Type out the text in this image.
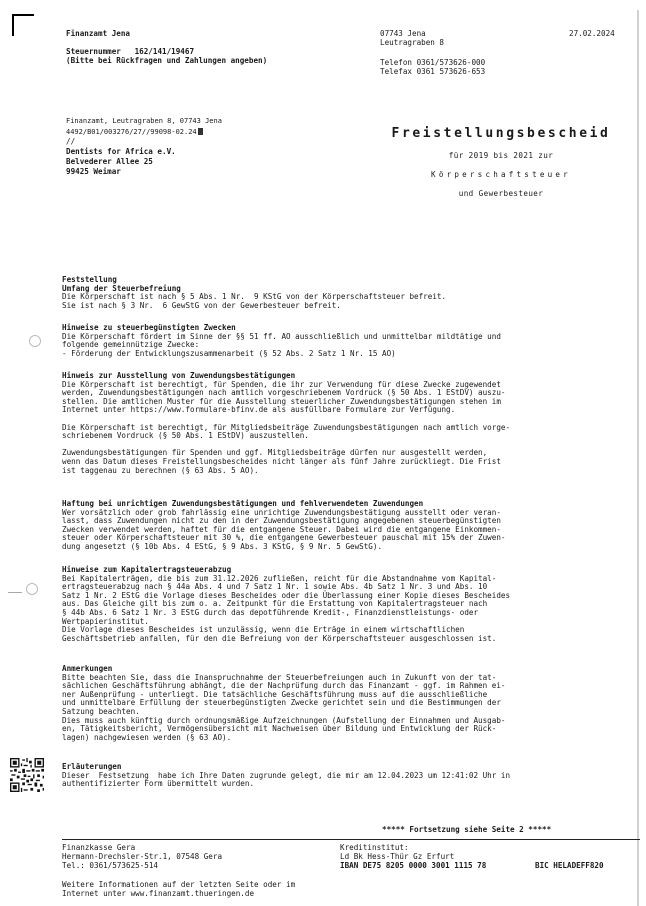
Finanzamt Jena
Steuernummer 162/141/19467
(Bitte bei Rückfragen und Zahlungen angeben)
07743 Jena
Leutragraben 8
27.02.2024
Telefon 0361/573626-000
Telefax 0361 573626-653
Finanzamt, Leutragraben 8, 07743 Jena
4492/B01/003276/27//99098-02.24
//
Dentists for Africa e.V.
Belvederer Allee 25
99425 Weimar
Freistellungsbescheid
für 2019 bis 2021 zur
Körperschaftsteuer
und Gewerbesteuer
Feststellung
Umfang der Steuerbefreiung
Die Körperschaft ist nach § 5 Abs. 1 Nr.  9 KStG von der Körperschaftsteuer befreit.
Sie ist nach § 3 Nr.  6 GewStG von der Gewerbesteuer befreit.
Hinweise zu steuerbegünstigten Zwecken
Die Körperschaft fördert im Sinne der §§ 51 ff. AO ausschließlich und unmittelbar mildtätige und
folgende gemeinnützige Zwecke:
- Förderung der Entwicklungszusammenarbeit (§ 52 Abs. 2 Satz 1 Nr. 15 AO)
Hinweis zur Ausstellung von Zuwendungsbestätigungen
Die Körperschaft ist berechtigt, für Spenden, die ihr zur Verwendung für diese Zwecke zugewendet
werden, Zuwendungsbestätigungen nach amtlich vorgeschriebenem Vordruck (§ 50 Abs. 1 EStDV) auszu-
stellen. Die amtlichen Muster für die Ausstellung steuerlicher Zuwendungsbestätigungen stehen im
Internet unter https://www.formulare-bfinv.de als ausfüllbare Formulare zur Verfügung.

Die Körperschaft ist berechtigt, für Mitgliedsbeiträge Zuwendungsbestätigungen nach amtlich vorge-
schriebenem Vordruck (§ 50 Abs. 1 EStDV) auszustellen.

Zuwendungsbestätigungen für Spenden und ggf. Mitgliedsbeiträge dürfen nur ausgestellt werden,
wenn das Datum dieses Freistellungsbescheides nicht länger als fünf Jahre zurückliegt. Die Frist
ist taggenau zu berechnen (§ 63 Abs. 5 AO).
Haftung bei unrichtigen Zuwendungsbestätigungen und fehlverwendeten Zuwendungen
Wer vorsätzlich oder grob fahrlässig eine unrichtige Zuwendungsbestätigung ausstellt oder veran-
lasst, dass Zuwendungen nicht zu den in der Zuwendungsbestätigung angegebenen steuerbegünstigten
Zwecken verwendet werden, haftet für die entgangene Steuer. Dabei wird die entgangene Einkommen-
steuer oder Körperschaftsteuer mit 30 %, die entgangene Gewerbesteuer pauschal mit 15% der Zuwen-
dung angesetzt (§ 10b Abs. 4 EStG, § 9 Abs. 3 KStG, § 9 Nr. 5 GewStG).
Hinweise zum Kapitalertragsteuerabzug
Bei Kapitalerträgen, die bis zum 31.12.2026 zufließen, reicht für die Abstandnahme vom Kapital-
ertragsteuerabzug nach § 44a Abs. 4 und 7 Satz 1 Nr. 1 sowie Abs. 4b Satz 1 Nr. 3 und Abs. 10
Satz 1 Nr. 2 EStG die Vorlage dieses Bescheides oder die Überlassung einer Kopie dieses Bescheides
aus. Das Gleiche gilt bis zum o. a. Zeitpunkt für die Erstattung von Kapitalertragsteuer nach
§ 44b Abs. 6 Satz 1 Nr. 3 EStG durch das depotführende Kredit-, Finanzdienstleistungs- oder
Wertpapierinstitut.
Die Vorlage dieses Bescheides ist unzulässig, wenn die Erträge in einem wirtschaftlichen
Geschäftsbetrieb anfallen, für den die Befreiung von der Körperschaftsteuer ausgeschlossen ist.
Anmerkungen
Bitte beachten Sie, dass die Inanspruchnahme der Steuerbefreiungen auch in Zukunft von der tat-
sächlichen Geschäftsführung abhängt, die der Nachprüfung durch das Finanzamt - ggf. im Rahmen ei-
ner Außenprüfung - unterliegt. Die tatsächliche Geschäftsführung muss auf die ausschließliche
und unmittelbare Erfüllung der steuerbegünstigten Zwecke gerichtet sein und die Bestimmungen der
Satzung beachten.
Dies muss auch künftig durch ordnungsmäßige Aufzeichnungen (Aufstellung der Einnahmen und Ausgab-
en, Tätigkeitsbericht, Vermögensübersicht mit Nachweisen über Bildung und Entwicklung der Rück-
lagen) nachgewiesen werden (§ 63 AO).
Erläuterungen
Dieser  Festsetzung  habe ich Ihre Daten zugrunde gelegt, die mir am 12.04.2023 um 12:41:02 Uhr in
authentifizierter Form übermittelt wurden.
***** Fortsetzung siehe Seite 2 *****
Finanzkasse Gera
Hermann-Drechsler-Str.1, 07548 Gera
Tel.: 0361/573625-514
Kreditinstitut:
Ld Bk Hess-Thür Gz Erfurt
IBAN DE75 8205 0000 3001 1115 78	BIC HELADEFF820
Weitere Informationen auf der letzten Seite oder im
Internet unter www.finanzamt.thueringen.de
